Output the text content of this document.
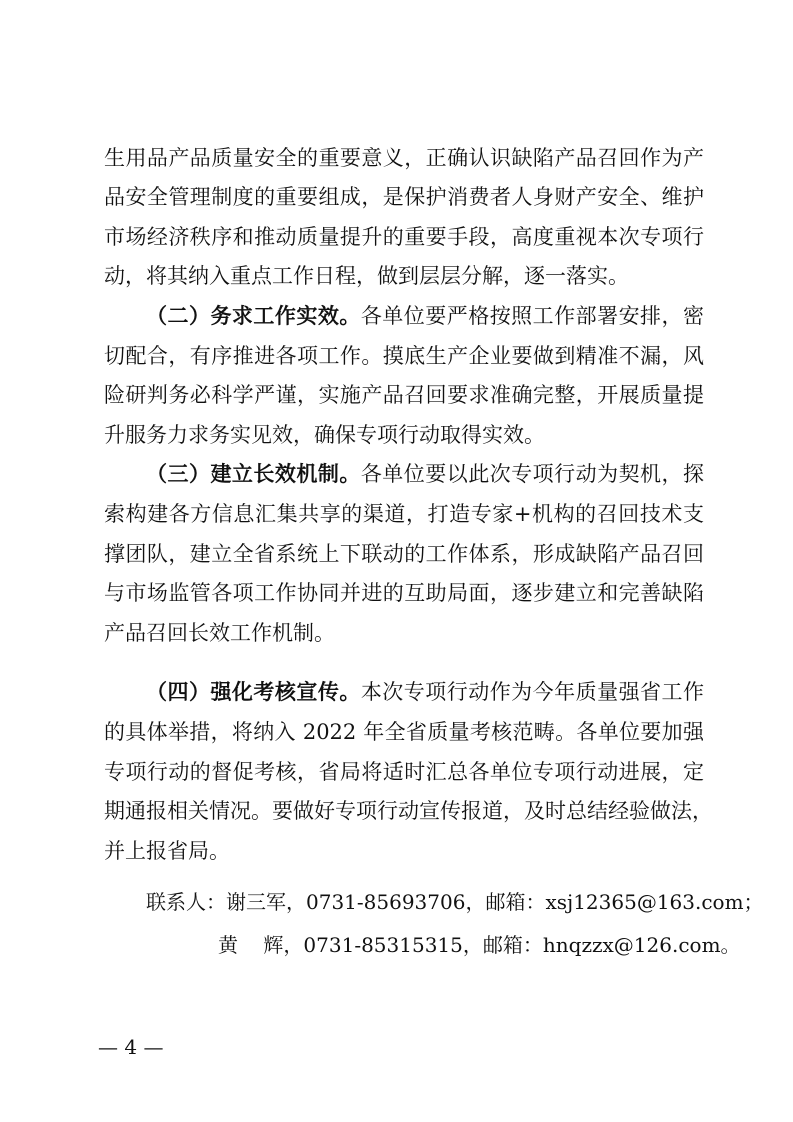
生用品产品质量安全的重要意义，正确认识缺陷产品召回作为产
品安全管理制度的重要组成，是保护消费者人身财产安全、维护
市场经济秩序和推动质量提升的重要手段，高度重视本次专项行
动，将其纳入重点工作日程，做到层层分解，逐一落实。
（二）务求工作实效。各单位要严格按照工作部署安排，密
切配合，有序推进各项工作。摸底生产企业要做到精准不漏，风
险研判务必科学严谨，实施产品召回要求准确完整，开展质量提
升服务力求务实见效，确保专项行动取得实效。
（三）建立长效机制。各单位要以此次专项行动为契机，探
索构建各方信息汇集共享的渠道，打造专家+机构的召回技术支
撑团队，建立全省系统上下联动的工作体系，形成缺陷产品召回
与市场监管各项工作协同并进的互助局面，逐步建立和完善缺陷
产品召回长效工作机制。
（四）强化考核宣传。本次专项行动作为今年质量强省工作
的具体举措，将纳入 2022 年全省质量考核范畴。各单位要加强
专项行动的督促考核，省局将适时汇总各单位专项行动进展，定
期通报相关情况。要做好专项行动宣传报道，及时总结经验做法，
并上报省局。
联系人：谢三军，0731-85693706，邮箱：xsj12365@163.com；
黄    辉，0731-85315315，邮箱：hnqzzx@126.com。
— 4 —
